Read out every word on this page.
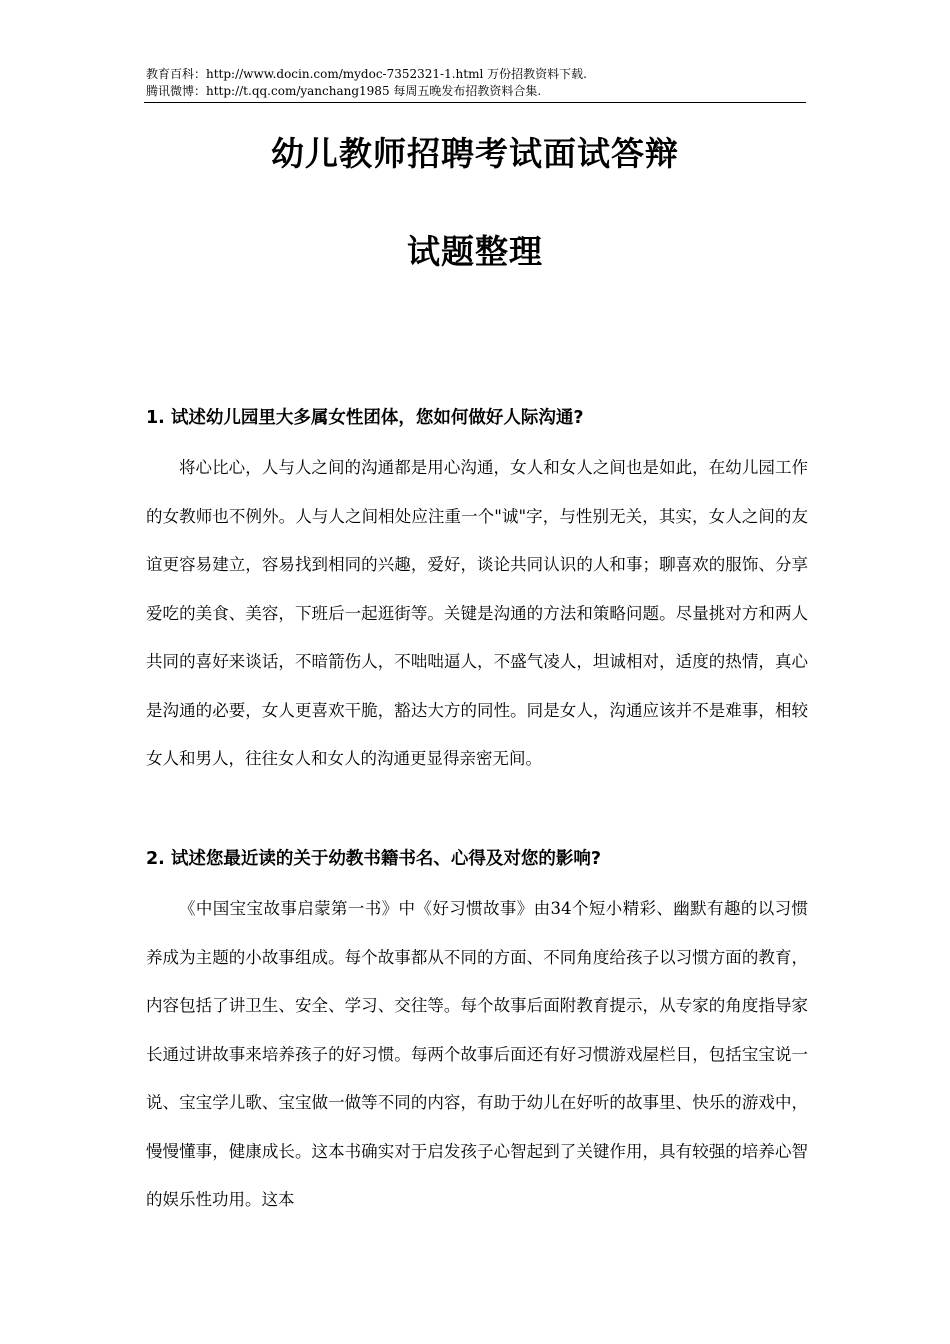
教育百科：http://www.docin.com/mydoc-7352321-1.html 万份招教资料下载.
腾讯微博：http://t.qq.com/yanchang1985 每周五晚发布招教资料合集.
幼儿教师招聘考试面试答辩
试题整理
1. 试述幼儿园里大多属女性团体，您如何做好人际沟通?

将心比心，人与人之间的沟通都是用心沟通，女人和女人之间也是如此，在幼儿园工作的女教师也不例外。人与人之间相处应注重一个"诚"字，与性别无关，其实，女人之间的友谊更容易建立，容易找到相同的兴趣，爱好，谈论共同认识的人和事；聊喜欢的服饰、分享爱吃的美食、美容，下班后一起逛街等。关键是沟通的方法和策略问题。尽量挑对方和两人共同的喜好来谈话，不暗箭伤人，不咄咄逼人，不盛气凌人，坦诚相对，适度的热情，真心是沟通的必要，女人更喜欢干脆，豁达大方的同性。同是女人，沟通应该并不是难事，相较女人和男人，往往女人和女人的沟通更显得亲密无间。

2. 试述您最近读的关于幼教书籍书名、心得及对您的影响?

《中国宝宝故事启蒙第一书》中《好习惯故事》由34个短小精彩、幽默有趣的以习惯养成为主题的小故事组成。每个故事都从不同的方面、不同角度给孩子以习惯方面的教育，内容包括了讲卫生、安全、学习、交往等。每个故事后面附教育提示，从专家的角度指导家长通过讲故事来培养孩子的好习惯。每两个故事后面还有好习惯游戏屋栏目，包括宝宝说一说、宝宝学儿歌、宝宝做一做等不同的内容，有助于幼儿在好听的故事里、快乐的游戏中，慢慢懂事，健康成长。这本书确实对于启发孩子心智起到了关键作用，具有较强的培养心智的娱乐性功用。这本
